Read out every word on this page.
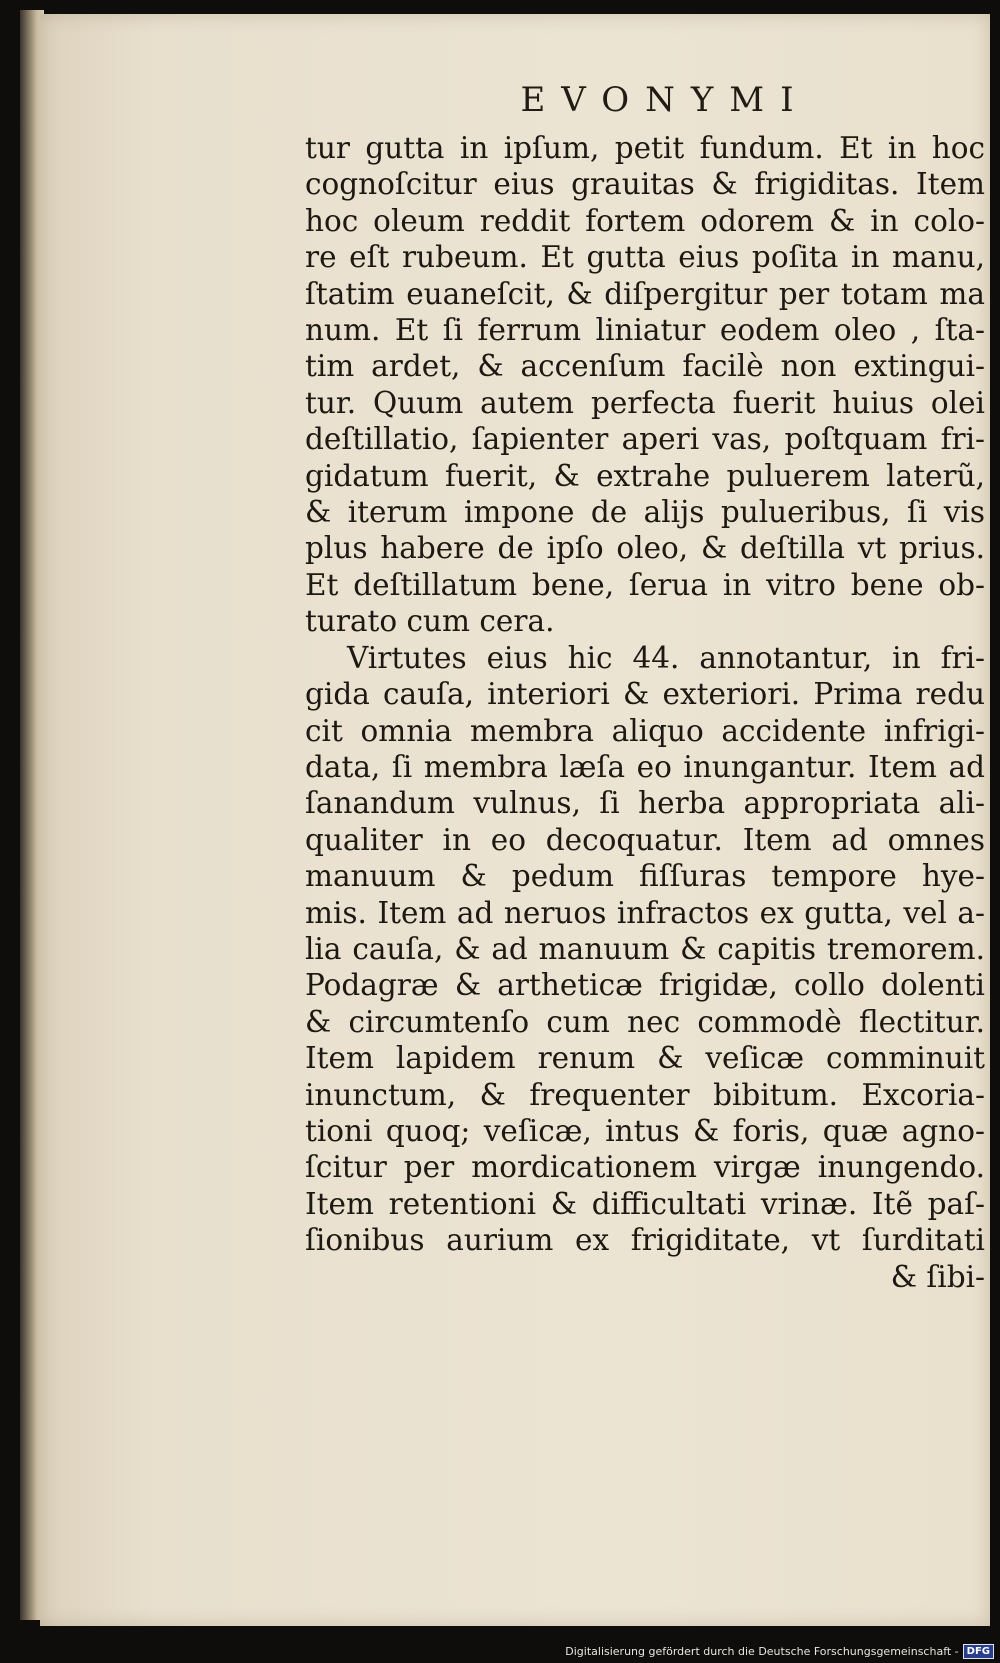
EVONYMI
tur gutta in ipſum, petit fundum. Et in hoc
cognoſcitur eius grauitas & frigiditas. Item
hoc oleum reddit fortem odorem & in colo-
re eſt rubeum. Et gutta eius poſita in manu,
ſtatim euaneſcit, & diſpergitur per totam ma
num. Et ſi ferrum liniatur eodem oleo , ſta-
tim ardet, & accenſum facilè non extingui-
tur. Quum autem perfecta fuerit huius olei
deſtillatio, ſapienter aperi vas, poſtquam fri-
gidatum fuerit, & extrahe puluerem laterũ,
& iterum impone de alijs pulueribus, ſi vis
plus habere de ipſo oleo, & deſtilla vt prius.
Et deſtillatum bene, ſerua in vitro bene ob-
turato cum cera.
Virtutes eius hic 44. annotantur, in fri-
gida cauſa, interiori & exteriori. Prima redu
cit omnia membra aliquo accidente infrigi-
data, ſi membra læſa eo inungantur. Item ad
ſanandum vulnus, ſi herba appropriata ali-
qualiter in eo decoquatur. Item ad omnes
manuum & pedum fiſſuras tempore hye-
mis. Item ad neruos infractos ex gutta, vel a-
lia cauſa, & ad manuum & capitis tremorem.
Podagræ & artheticæ frigidæ, collo dolenti
& circumtenſo cum nec commodè flectitur.
Item lapidem renum & veſicæ comminuit
inunctum, & frequenter bibitum. Excoria-
tioni quoq; veſicæ, intus & foris, quæ agno-
ſcitur per mordicationem virgæ inungendo.
Item retentioni & difficultati vrinæ. Itẽ paſ-
ſionibus aurium ex frigiditate, vt ſurditati
& ſibi-
Digitalisierung gefördert durch die Deutsche Forschungsgemeinschaft - DFG
